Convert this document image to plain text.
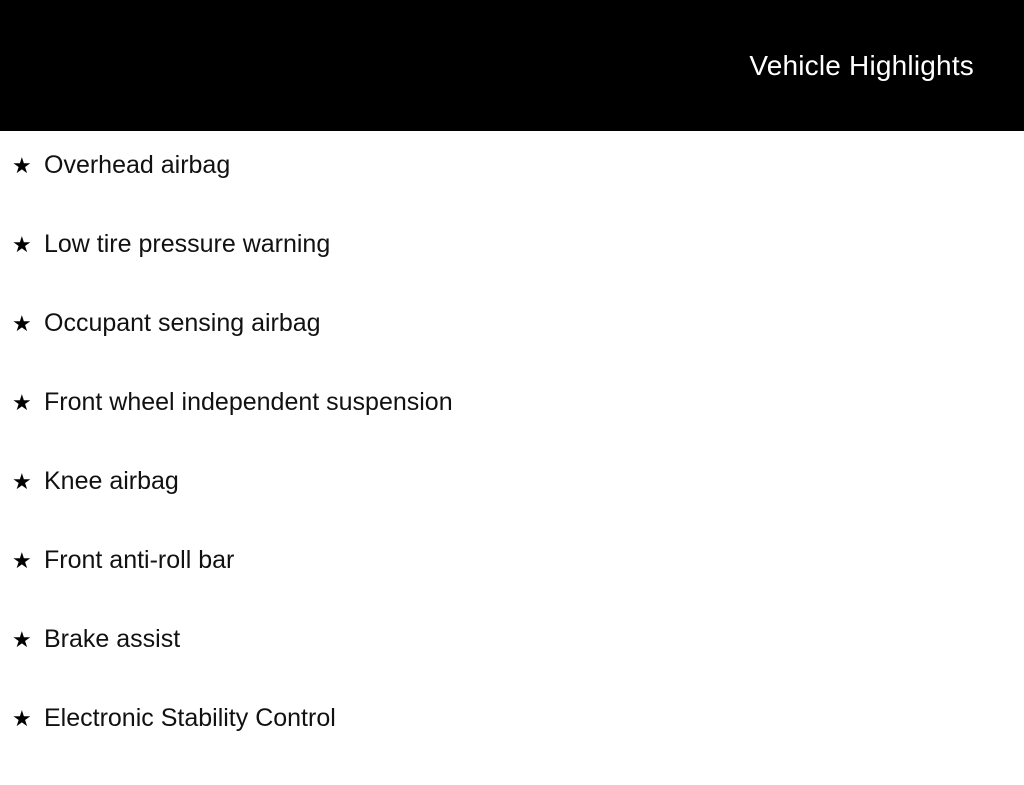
Vehicle Highlights
★ Overhead airbag
★ Low tire pressure warning
★ Occupant sensing airbag
★ Front wheel independent suspension
★ Knee airbag
★ Front anti-roll bar
★ Brake assist
★ Electronic Stability Control
